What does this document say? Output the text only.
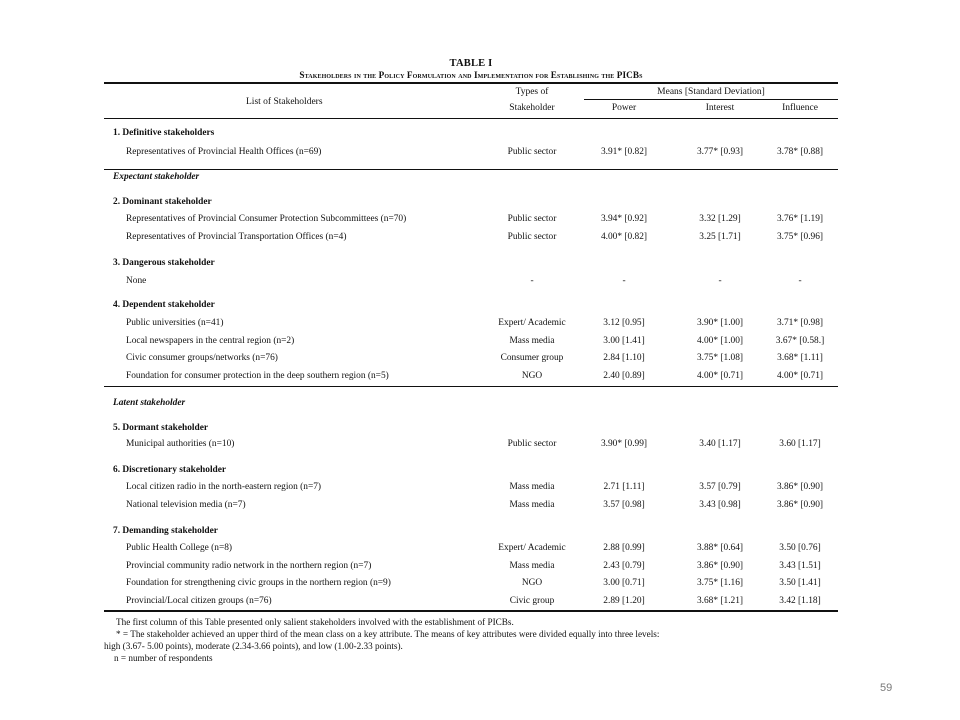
TABLE I
Stakeholders in the Policy Formulation and Implementation for Establishing the PICBs
List of Stakeholders
Types of
Stakeholder
Means [Standard Deviation]
Power	Interest	Influence
1. Definitive stakeholders
Representatives of Provincial Health Offices (n=69)	Public sector	3.91* [0.82]	3.77* [0.93]	3.78* [0.88]
Expectant stakeholder
2. Dominant stakeholder
Representatives of Provincial Consumer Protection Subcommittees (n=70)	Public sector	3.94* [0.92]	3.32 [1.29]	3.76* [1.19]
Representatives of Provincial Transportation Offices (n=4)	Public sector	4.00* [0.82]	3.25 [1.71]	3.75* [0.96]
3. Dangerous stakeholder
None	-	-	-	-
4. Dependent stakeholder
Public universities (n=41)	Expert/ Academic	3.12 [0.95]	3.90* [1.00]	3.71* [0.98]
Local newspapers in the central region (n=2)	Mass media	3.00 [1.41]	4.00* [1.00]	3.67* [0.58.]
Civic consumer groups/networks (n=76)	Consumer group	2.84 [1.10]	3.75* [1.08]	3.68* [1.11]
Foundation for consumer protection in the deep southern region (n=5)	NGO	2.40 [0.89]	4.00* [0.71]	4.00* [0.71]
Latent stakeholder
5. Dormant stakeholder
Municipal authorities (n=10)	Public sector	3.90* [0.99]	3.40 [1.17]	3.60 [1.17]
6. Discretionary stakeholder
Local citizen radio in the north-eastern region (n=7)	Mass media	2.71 [1.11]	3.57 [0.79]	3.86* [0.90]
National television media (n=7)	Mass media	3.57 [0.98]	3.43 [0.98]	3.86* [0.90]
7. Demanding stakeholder
Public Health College (n=8)	Expert/ Academic	2.88 [0.99]	3.88* [0.64]	3.50 [0.76]
Provincial community radio network in the northern region (n=7)	Mass media	2.43 [0.79]	3.86* [0.90]	3.43 [1.51]
Foundation for strengthening civic groups in the northern region (n=9)	NGO	3.00 [0.71]	3.75* [1.16]	3.50 [1.41]
Provincial/Local citizen groups (n=76)	Civic group	2.89 [1.20]	3.68* [1.21]	3.42 [1.18]
The first column of this Table presented only salient stakeholders involved with the establishment of PICBs.
* = The stakeholder achieved an upper third of the mean class on a key attribute. The means of key attributes were divided equally into three levels:
high (3.67- 5.00 points), moderate (2.34-3.66 points), and low (1.00-2.33 points).
n = number of respondents
59
